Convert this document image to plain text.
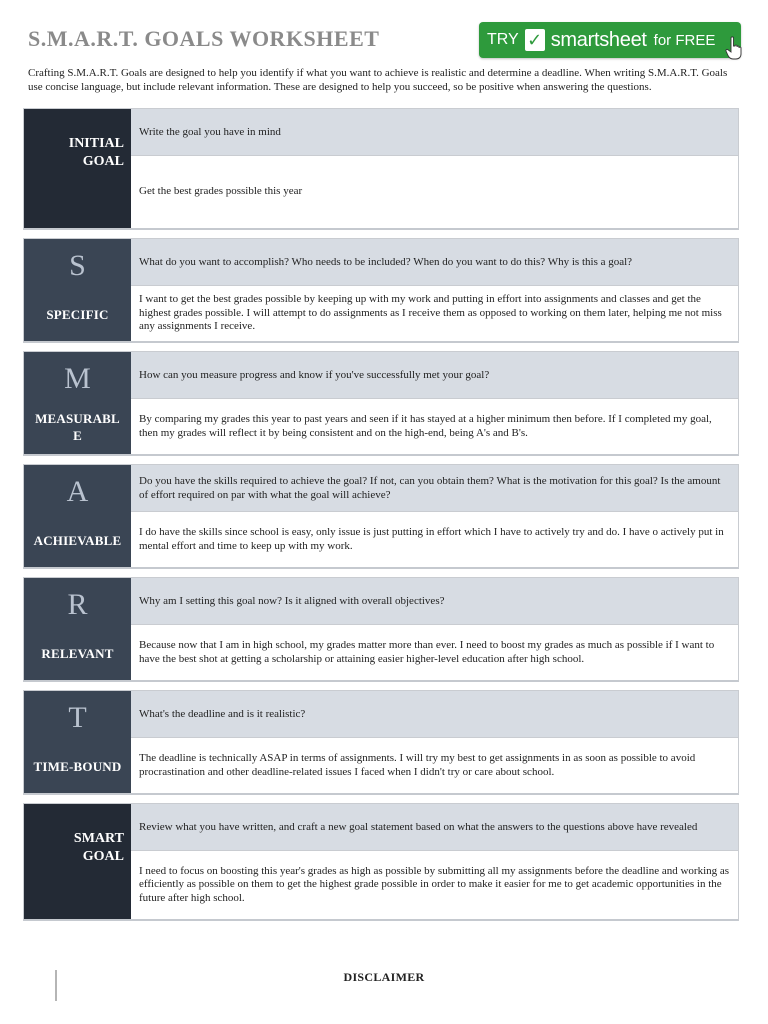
S.M.A.R.T. GOALS WORKSHEET	TRY ✓ smartsheet for FREE
Crafting S.M.A.R.T. Goals are designed to help you identify if what you want to achieve is realistic and determine a deadline. When writing S.M.A.R.T. Goals use concise language, but include relevant information. These are designed to help you succeed, so be positive when answering the questions.
INITIAL
GOAL
Write the goal you have in mind
Get the best grades possible this year
S
SPECIFIC
What do you want to accomplish? Who needs to be included? When do you want to do this? Why is this a goal?
I want to get the best grades possible by keeping up with my work and putting in effort into assignments and classes and get the highest grades possible. I will attempt to do assignments as I receive them as opposed to working on them later, helping me not miss any assignments I receive.
M
MEASURABL
E
How can you measure progress and know if you've successfully met your goal?
By comparing my grades this year to past years and seen if it has stayed at a higher minimum then before. If I completed my goal, then my grades will reflect it by being consistent and on the high-end, being A's and B's.
A
ACHIEVABLE
Do you have the skills required to achieve the goal? If not, can you obtain them? What is the motivation for this goal? Is the amount of effort required on par with what the goal will achieve?
I do have the skills since school is easy, only issue is just putting in effort which I have to actively try and do. I have o actively put in mental effort and time to keep up with my work.
R
RELEVANT
Why am I setting this goal now? Is it aligned with overall objectives?
Because now that I am in high school, my grades matter more than ever. I need to boost my grades as much as possible if I want to have the best shot at getting a scholarship or attaining easier higher-level education after high school.
T
TIME-BOUND
What's the deadline and is it realistic?
The deadline is technically ASAP in terms of assignments. I will try my best to get assignments in as soon as possible to avoid procrastination and other deadline-related issues I faced when I didn't try or care about school.
SMART
GOAL
Review what you have written, and craft a new goal statement based on what the answers to the questions above have revealed
I need to focus on boosting this year's grades as high as possible by submitting all my assignments before the deadline and working as efficiently as possible on them to get the highest grade possible in order to make it easier for me to get academic opportunities in the future after high school.
DISCLAIMER
